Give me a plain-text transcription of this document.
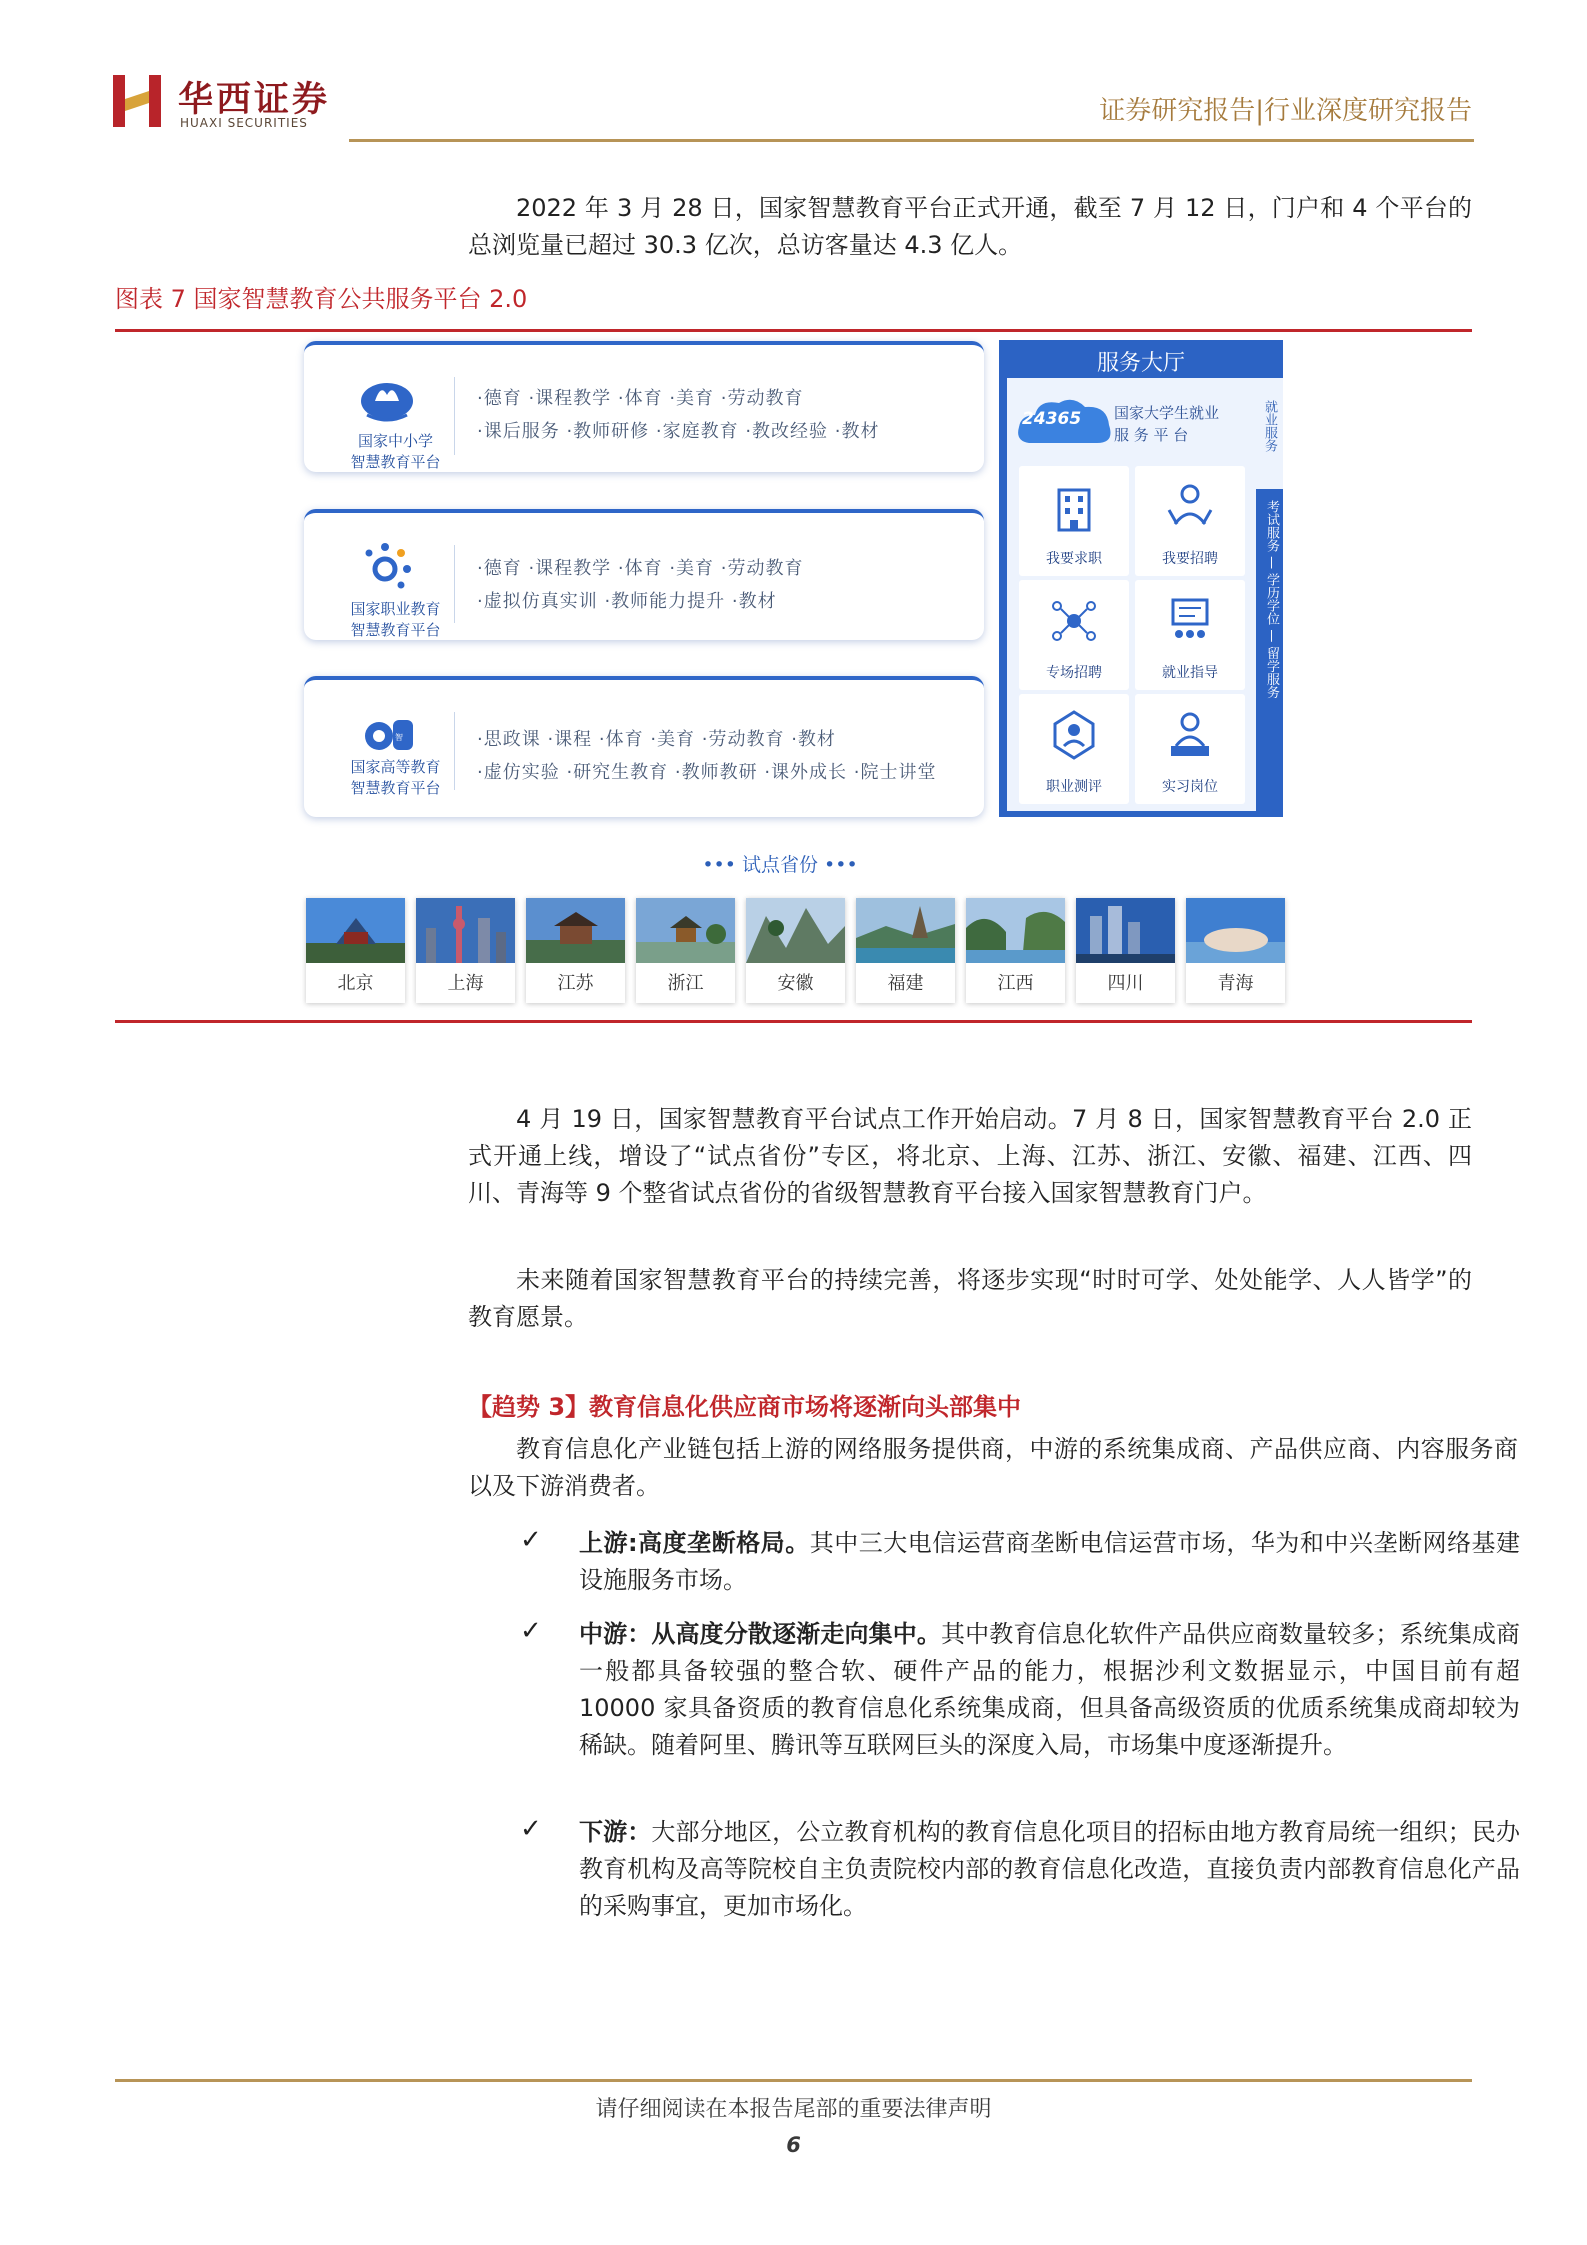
华西证券
HUAXI SECURITIES	证券研究报告|行业深度研究报告
2022 年 3 月 28 日，国家智慧教育平台正式开通，截至 7 月 12 日，门户和 4 个平台的总浏览量已超过 30.3 亿次，总访客量达 4.3 亿人。
图表 7 国家智慧教育公共服务平台 2.0
国家中小学
智慧教育平台
·德育 ·课程教学 ·体育 ·美育 ·劳动教育
·课后服务 ·教师研修 ·家庭教育 ·教改经验 ·教材
国家职业教育
智慧教育平台
·德育 ·课程教学 ·体育 ·美育 ·劳动教育
·虚拟仿真实训 ·教师能力提升 ·教材
智
国家高等教育
智慧教育平台
·思政课 ·课程 ·体育 ·美育 ·劳动教育 ·教材
·虚仿实验 ·研究生教育 ·教师教研 ·课外成长 ·院士讲堂
服务大厅
就业服务
考试服务 — 学历学位 — 留学服务
24365 国家大学生就业
服 务 平 台
我要求职	我要招聘
专场招聘	就业指导
职业测评	实习岗位
••• 试点省份 •••
北京	上海	江苏	浙江	安徽	福建	江西	四川	青海
4 月 19 日，国家智慧教育平台试点工作开始启动。7 月 8 日，国家智慧教育平台 2.0 正式开通上线，增设了“试点省份”专区，将北京、上海、江苏、浙江、安徽、福建、江西、四川、青海等 9 个整省试点省份的省级智慧教育平台接入国家智慧教育门户。
未来随着国家智慧教育平台的持续完善，将逐步实现“时时可学、处处能学、人人皆学”的教育愿景。
【趋势 3】教育信息化供应商市场将逐渐向头部集中
教育信息化产业链包括上游的网络服务提供商，中游的系统集成商、产品供应商、内容服务商以及下游消费者。
✓ 上游:高度垄断格局。其中三大电信运营商垄断电信运营市场，华为和中兴垄断网络基建设施服务市场。
✓ 中游：从高度分散逐渐走向集中。其中教育信息化软件产品供应商数量较多；系统集成商一般都具备较强的整合软、硬件产品的能力，根据沙利文数据显示，中国目前有超 10000 家具备资质的教育信息化系统集成商，但具备高级资质的优质系统集成商却较为稀缺。随着阿里、腾讯等互联网巨头的深度入局，市场集中度逐渐提升。
✓ 下游：大部分地区，公立教育机构的教育信息化项目的招标由地方教育局统一组织；民办教育机构及高等院校自主负责院校内部的教育信息化改造，直接负责内部教育信息化产品的采购事宜，更加市场化。
请仔细阅读在本报告尾部的重要法律声明
6
